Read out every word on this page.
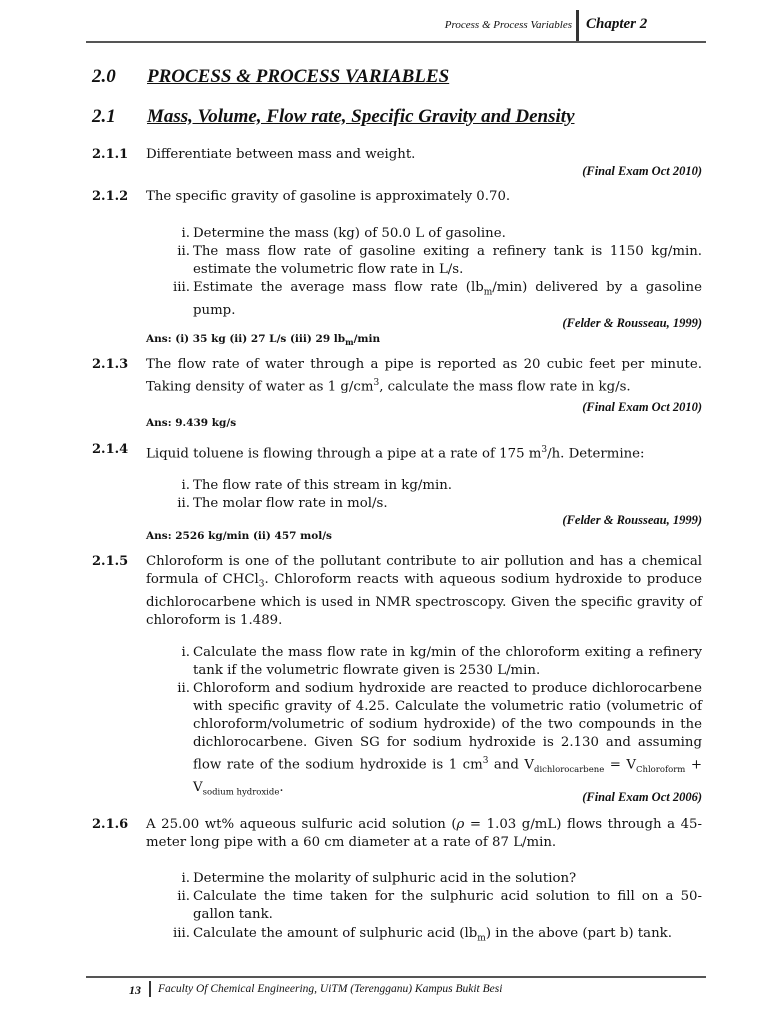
Process & Process Variables Chapter 2
2.0 PROCESS & PROCESS VARIABLES
2.1 Mass, Volume, Flow rate, Specific Gravity and Density
2.1.1 Differentiate between mass and weight.
(Final Exam Oct 2010)
2.1.2 The specific gravity of gasoline is approximately 0.70.
i. Determine the mass (kg) of 50.0 L of gasoline.
ii. The mass flow rate of gasoline exiting a refinery tank is 1150 kg/min. estimate the volumetric flow rate in L/s.
iii. Estimate the average mass flow rate $(lb_m/\min)$ delivered by a gasoline pump.
(Felder & Rousseau, 1999)
Ans: (i) 35 kg (ii) 27 L/s (iii) 29 $lb_m/\min$
2.1.3 The flow rate of water through a pipe is reported as 20 cubic feet per minute. Taking density of water as 1 $g/cm^3$, calculate the mass flow rate in kg/s.
(Final Exam Oct 2010)
Ans: 9.439 kg/s
2.1.4 Liquid toluene is flowing through a pipe at a rate of 175 $m^3/h$. Determine:
i. The flow rate of this stream in kg/min.
ii. The molar flow rate in mol/s.
(Felder & Rousseau, 1999)
Ans: 2526 kg/min (ii) 457 mol/s
2.1.5 Chloroform is one of the pollutant contribute to air pollution and has a chemical formula of CHCl$_3$. Chloroform reacts with aqueous sodium hydroxide to produce dichlorocarbene which is used in NMR spectroscopy. Given the specific gravity of chloroform is 1.489.
i. Calculate the mass flow rate in kg/min of the chloroform exiting a refinery tank if the volumetric flowrate given is 2530 L/min.
ii. Chloroform and sodium hydroxide are reacted to produce dichlorocarbene with specific gravity of 4.25. Calculate the volumetric ratio (volumetric of chloroform/volumetric of sodium hydroxide) of the two compounds in the dichlorocarbene. Given SG for sodium hydroxide is 2.130 and assuming flow rate of the sodium hydroxide is 1 $cm^3$ and $V_{dichlorocarbene} = V_{Chloroform} + V_{sodium hydroxide}$.
(Final Exam Oct 2006)
2.1.6 A 25.00 wt% aqueous sulfuric acid solution (ρ = 1.03 g/mL) flows through a 45-meter long pipe with a 60 cm diameter at a rate of 87 L/min.
i. Determine the molarity of sulphuric acid in the solution?
ii. Calculate the time taken for the sulphuric acid solution to fill on a 50-gallon tank.
iii. Calculate the amount of sulphuric acid $(lb_m)$ in the above (part b) tank.
13 Faculty Of Chemical Engineering, UiTM (Terengganu) Kampus Bukit Besi
